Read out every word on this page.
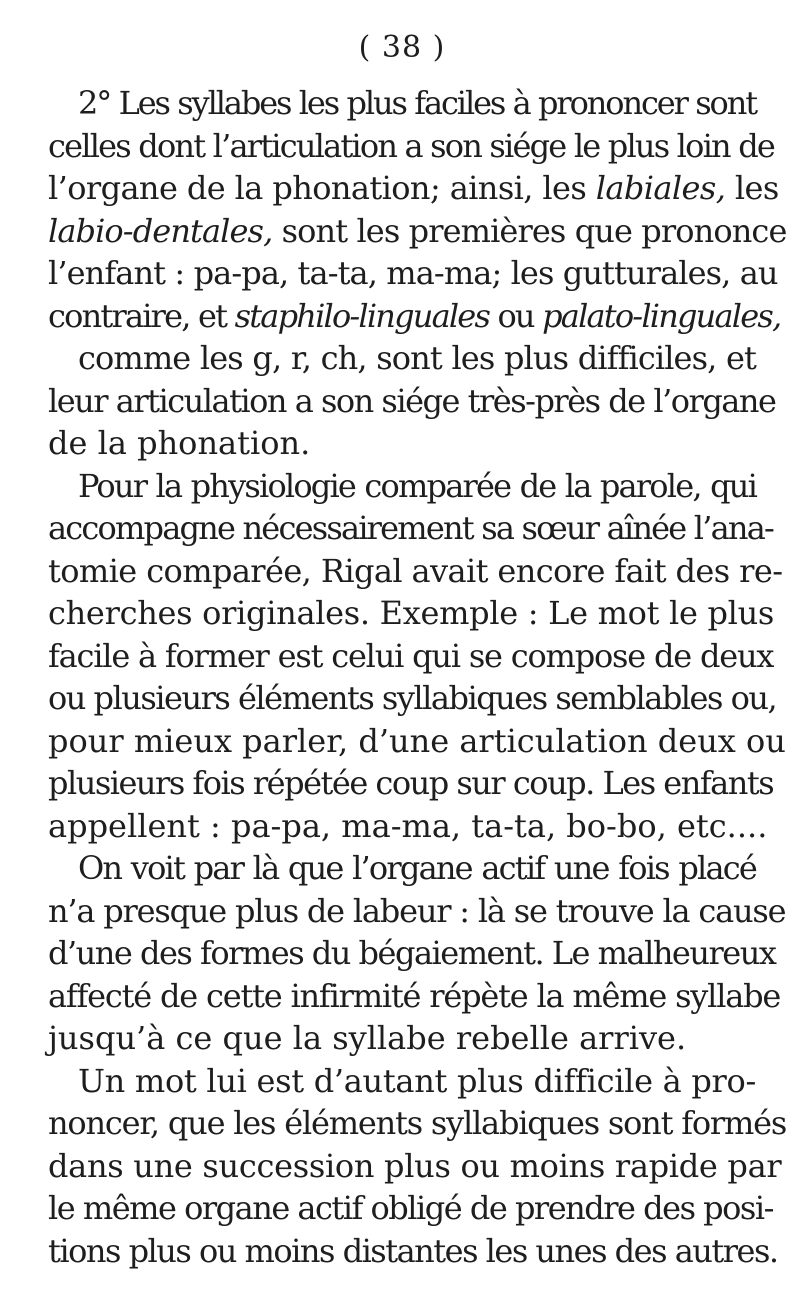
( 38 )
2° Les syllabes les plus faciles à prononcer sont
celles dont l’articulation a son siége le plus loin de
l’organe de la phonation; ainsi, les labiales, les
labio-dentales, sont les premières que prononce
l’enfant : pa-pa, ta-ta, ma-ma; les gutturales, au
contraire, et staphilo-linguales ou palato-linguales,
comme les g, r, ch, sont les plus difficiles, et
leur articulation a son siége très-près de l’organe
de la phonation.
Pour la physiologie comparée de la parole, qui
accompagne nécessairement sa sœur aînée l’ana-
tomie comparée, Rigal avait encore fait des re-
cherches originales. Exemple : Le mot le plus
facile à former est celui qui se compose de deux
ou plusieurs éléments syllabiques semblables ou,
pour mieux parler, d’une articulation deux ou
plusieurs fois répétée coup sur coup. Les enfants
appellent : pa-pa, ma-ma, ta-ta, bo-bo, etc....
On voit par là que l’organe actif une fois placé
n’a presque plus de labeur : là se trouve la cause
d’une des formes du bégaiement. Le malheureux
affecté de cette infirmité répète la même syllabe
jusqu’à ce que la syllabe rebelle arrive.
Un mot lui est d’autant plus difficile à pro-
noncer, que les éléments syllabiques sont formés
dans une succession plus ou moins rapide par
le même organe actif obligé de prendre des posi-
tions plus ou moins distantes les unes des autres.
